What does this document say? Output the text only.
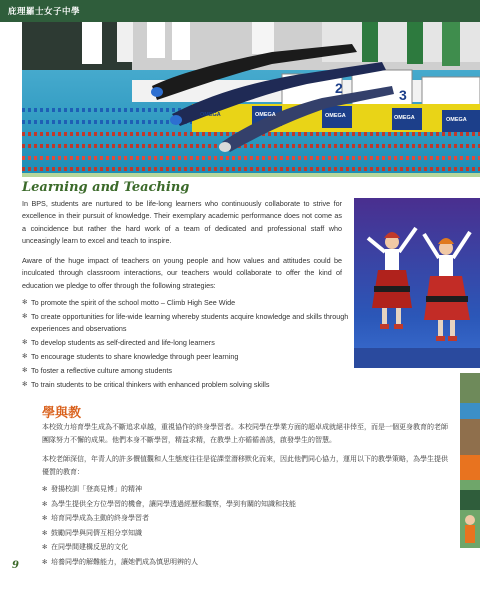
庇理羅士女子中學
2	3
OMEGA	OMEGA	OMEGA	OMEGA
OMEGA
Learning and Teaching

In BPS, students are nurtured to be life-long learners who continuously collaborate to strive for excellence in their pursuit of knowledge. Their exemplary academic performance does not come as a coincidence but rather the hard work of a team of dedicated and professional staff who unceasingly learn to excel and teach to inspire.

Aware of the huge impact of teachers on young people and how values and attitudes could be inculcated through classroom interactions, our teachers would collaborate to offer the kind of education we pledge to offer through the following strategies:

✻ To promote the spirit of the school motto – Climb High See Wide
✻ To create opportunities for life-wide learning whereby students acquire knowledge and skills through experiences and observations
✻ To develop students as self-directed and life-long learners
✻ To encourage students to share knowledge through peer learning
✻ To foster a reflective culture among students
✻ To train students to be critical thinkers with enhanced problem solving skills
學與教

本校致力培育學生成為不斷追求卓越，重視協作的終身學習者。本校同學在學業方面的超卓成就絕非倖至，而是一個更身教育的老師團隊努力不懈的成果。他們本身不斷學習，精益求精，在教學上亦循循善誘，啟發學生的智慧。

本校老師深信，年青人的許多價值觀和人生態度往往是從課堂潛移默化而來，因此他們同心協力，運用以下的教學策略，為學生提供優質的教育：

✻ 發揚校訓「登高見博」的精神
✻ 為學生提供全方位學習的機會，讓同學透過經歷和觀察，學到有關的知識和技能
✻ 培育同學成為主動的終身學習者
✻ 鼓勵同學與同儕互相分享知識
✻ 在同學間建構反思的文化
✻ 培養同學的解難能力，讓她們成為慎思明辨的人
9
